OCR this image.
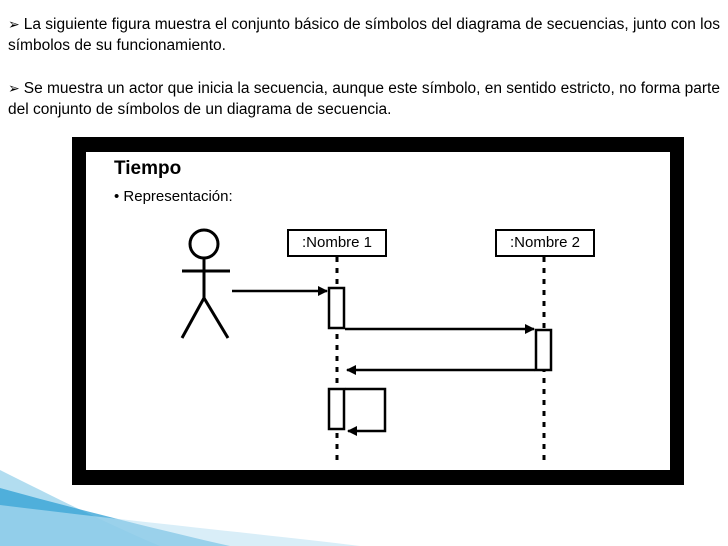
➢ La siguiente figura muestra el conjunto básico de símbolos del diagrama de secuencias, junto con los símbolos de su funcionamiento.

➢ Se muestra un actor que inicia la secuencia, aunque este símbolo, en sentido estricto, no forma parte del conjunto de símbolos de un diagrama de secuencia.

Tiempo
• Representación:
:Nombre 1	:Nombre 2
